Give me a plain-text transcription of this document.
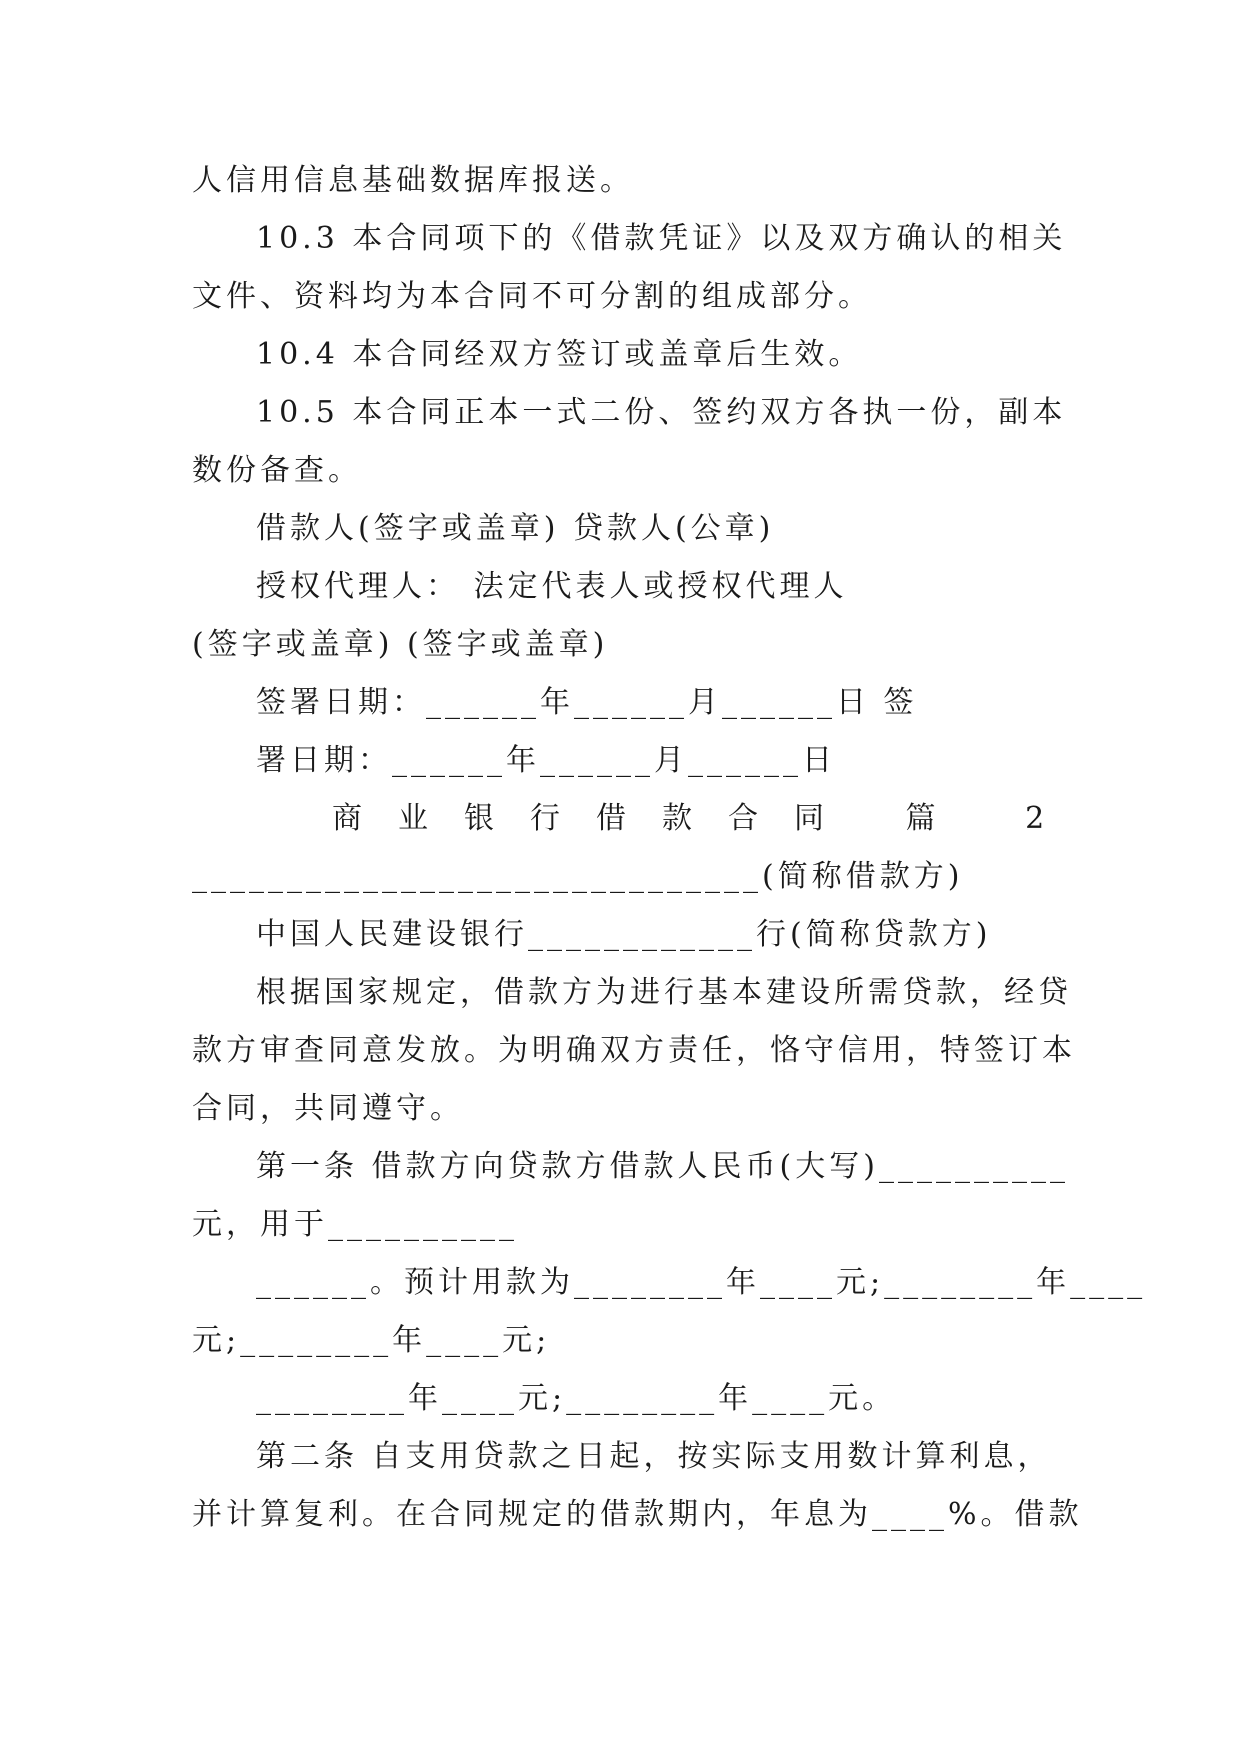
人信用信息基础数据库报送。

10.3 本合同项下的《借款凭证》以及双方确认的相关

文件、资料均为本合同不可分割的组成部分。

10.4 本合同经双方签订或盖章后生效。

10.5 本合同正本一式二份、签约双方各执一份，副本

数份备查。

借款人(签字或盖章) 贷款人(公章)

授权代理人： 法定代表人或授权代理人

(签字或盖章) (签字或盖章)

签署日期：______年______月______日 签

署日期：______年______月______日

商业银行借款合同 篇 2

______________________________(简称借款方)

中国人民建设银行____________行(简称贷款方)

根据国家规定，借款方为进行基本建设所需贷款，经贷

款方审查同意发放。为明确双方责任，恪守信用，特签订本

合同，共同遵守。

第一条 借款方向贷款方借款人民币(大写)__________

元，用于__________

______。预计用款为________年____元;________年____

元;________年____元;

________年____元;________年____元。

第二条 自支用贷款之日起，按实际支用数计算利息，

并计算复利。在合同规定的借款期内，年息为____%。借款
